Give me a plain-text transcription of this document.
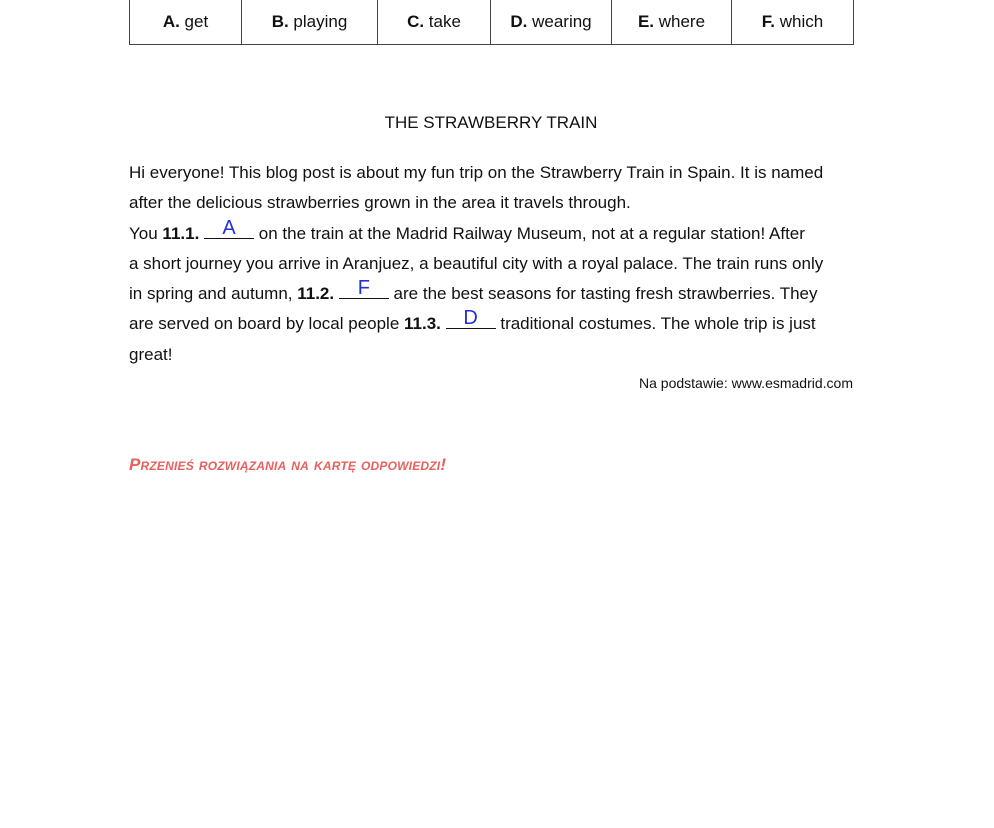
A. get	B. playing	C. take	D. wearing	E. where	F. which
THE STRAWBERRY TRAIN
Hi everyone! This blog post is about my fun trip on the Strawberry Train in Spain. It is named
after the delicious strawberries grown in the area it travels through.
You 11.1.	A	on the train at the Madrid Railway Museum, not at a regular station! After
a short journey you arrive in Aranjuez, a beautiful city with a royal palace. The train runs only
in spring and autumn, 11.2.	F	are the best seasons for tasting fresh strawberries. They
are served on board by local people 11.3.	D	traditional costumes. The whole trip is just
great!
Na podstawie: www.esmadrid.com
Przenieś rozwiązania na kartę odpowiedzi!
